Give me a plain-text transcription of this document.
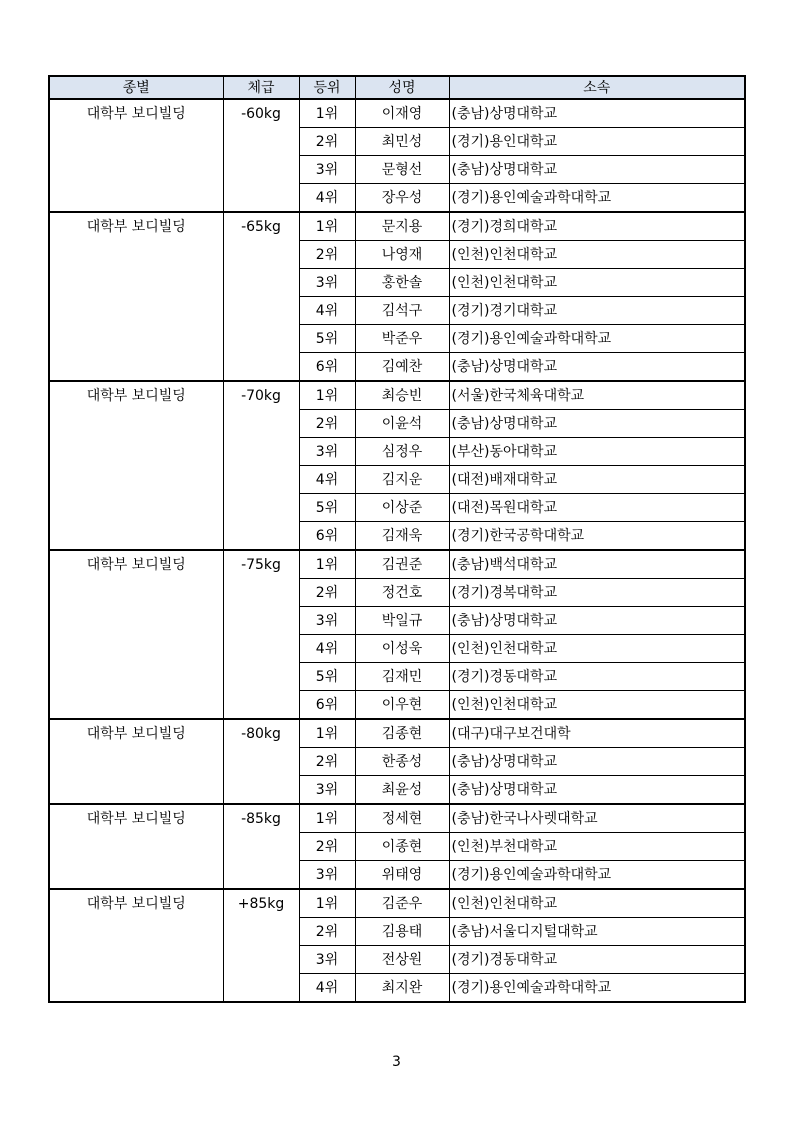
종별	체급	등위	성명	소속
대학부 보디빌딩	-60kg	1위	이재영	(충남)상명대학교
		2위	최민성	(경기)용인대학교
		3위	문형선	(충남)상명대학교
		4위	장우성	(경기)용인예술과학대학교
대학부 보디빌딩	-65kg	1위	문지용	(경기)경희대학교
		2위	나영재	(인천)인천대학교
		3위	홍한솔	(인천)인천대학교
		4위	김석구	(경기)경기대학교
		5위	박준우	(경기)용인예술과학대학교
		6위	김예찬	(충남)상명대학교
대학부 보디빌딩	-70kg	1위	최승빈	(서울)한국체육대학교
		2위	이윤석	(충남)상명대학교
		3위	심정우	(부산)동아대학교
		4위	김지운	(대전)배재대학교
		5위	이상준	(대전)목원대학교
		6위	김재욱	(경기)한국공학대학교
대학부 보디빌딩	-75kg	1위	김권준	(충남)백석대학교
		2위	정건호	(경기)경복대학교
		3위	박일규	(충남)상명대학교
		4위	이성욱	(인천)인천대학교
		5위	김재민	(경기)경동대학교
		6위	이우현	(인천)인천대학교
대학부 보디빌딩	-80kg	1위	김종현	(대구)대구보건대학
		2위	한종성	(충남)상명대학교
		3위	최윤성	(충남)상명대학교
대학부 보디빌딩	-85kg	1위	정세현	(충남)한국나사렛대학교
		2위	이종현	(인천)부천대학교
		3위	위태영	(경기)용인예술과학대학교
대학부 보디빌딩	+85kg	1위	김준우	(인천)인천대학교
		2위	김용태	(충남)서울디지털대학교
		3위	전상원	(경기)경동대학교
		4위	최지완	(경기)용인예술과학대학교
3
